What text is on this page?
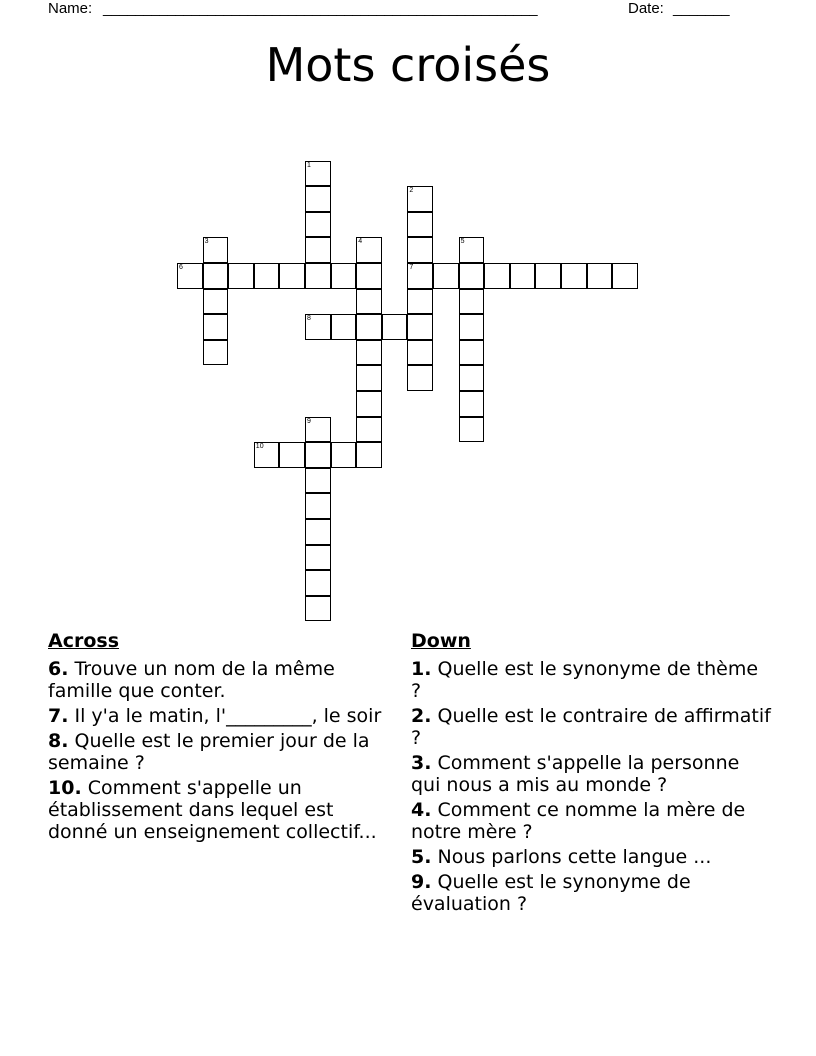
Name: ______________________________________________________	Date: _______
Mots croisés
1
2
3	4	5
6	7
8
9
10
Across
6. Trouve un nom de la même famille que conter.
7. Il y'a le matin, l'_________, le soir
8. Quelle est le premier jour de la semaine ?
10. Comment s'appelle un établissement dans lequel est donné un enseignement collectif...
Down
1. Quelle est le synonyme de thème ?
2. Quelle est le contraire de affirmatif ?
3. Comment s'appelle la personne qui nous a mis au monde ?
4. Comment ce nomme la mère de notre mère ?
5. Nous parlons cette langue ...
9. Quelle est le synonyme de évaluation ?
